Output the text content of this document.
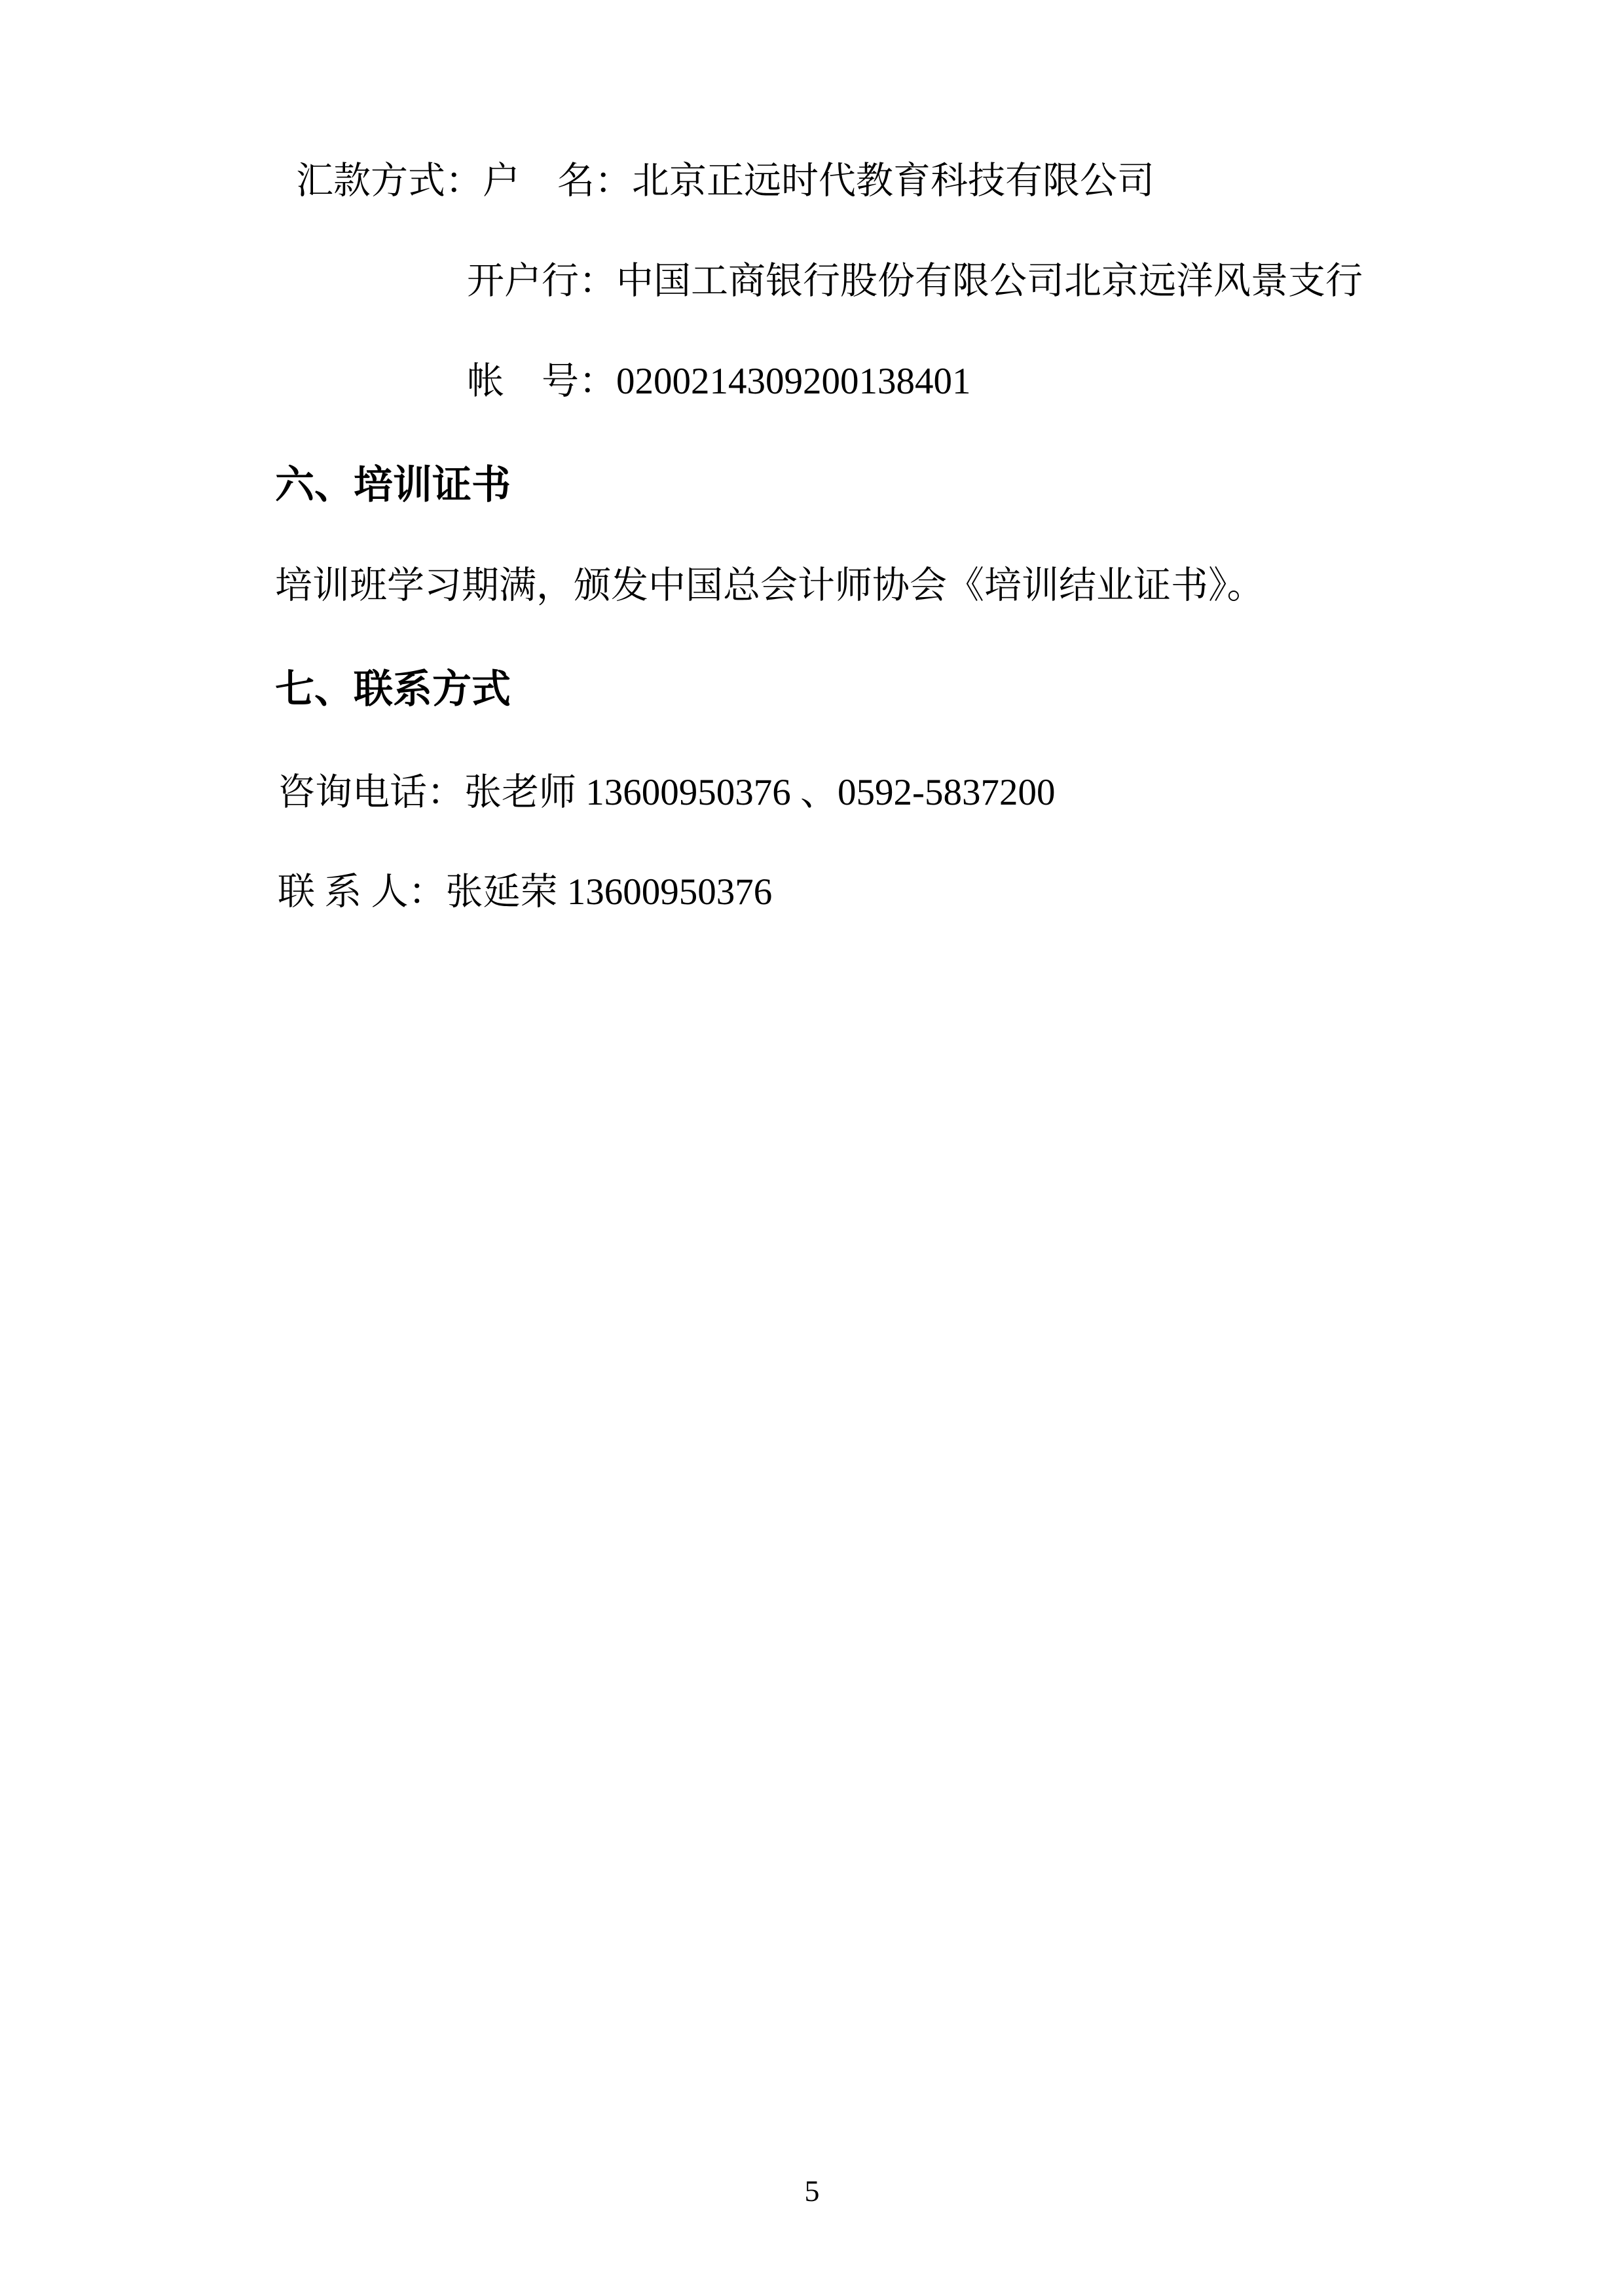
汇款方式：户　名：北京正远时代教育科技有限公司

开户行：中国工商银行股份有限公司北京远洋风景支行

帐　号：0200214309200138401

六、培训证书

培训班学习期满，颁发中国总会计师协会《培训结业证书》。

七、联系方式

咨询电话：张老师 13600950376 、0592-5837200

联 系 人：张延荣 13600950376

5
